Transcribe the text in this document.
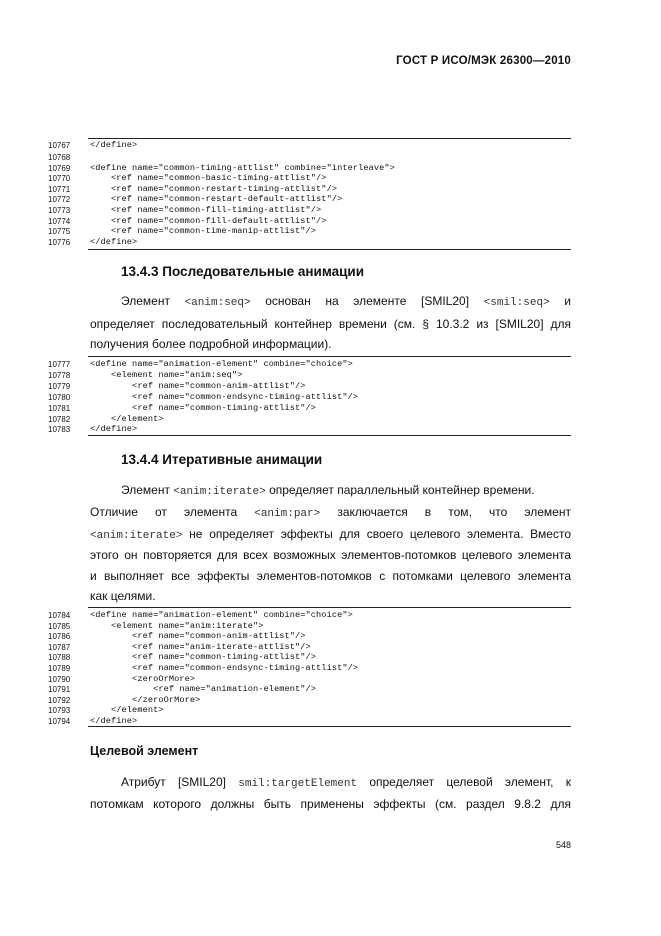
ГОСТ Р ИСО/МЭК 26300—2010
13.4.3 Последовательные анимации
Элемент <anim:seq> основан на элементе [SMIL20] <smil:seq> и
определяет последовательный контейнер времени (см. § 10.3.2 из [SMIL20] для
получения более подробной информации).
13.4.4 Итеративные анимации
Элемент <anim:iterate> определяет параллельный контейнер времени.
Отличие от элемента <anim:par> заключается в том, что элемент
<anim:iterate> не определяет эффекты для своего целевого элемента. Вместо
этого он повторяется для всех возможных элементов-потомков целевого элемента
и выполняет все эффекты элементов-потомков с потомками целевого элемента
как целями.
Целевой элемент
Атрибут [SMIL20] smil:targetElement определяет целевой элемент, к
потомкам которого должны быть применены эффекты (см. раздел 9.8.2 для
548
10767	</define>
10768
10769	<define name="common-timing-attlist" combine="interleave">
10770	<ref name="common-basic-timing-attlist"/>
10771	<ref name="common-restart-timing-attlist"/>
10772	<ref name="common-restart-default-attlist"/>
10773	<ref name="common-fill-timing-attlist"/>
10774	<ref name="common-fill-default-attlist"/>
10775	<ref name="common-time-manip-attlist"/>
10776	</define>
10777	<define name="animation-element" combine="choice">
10778	<element name="anim:seq">
10779	<ref name="common-anim-attlist"/>
10780	<ref name="common-endsync-timing-attlist"/>
10781	<ref name="common-timing-attlist"/>
10782	</element>
10783	</define>
10784	<define name="animation-element" combine="choice">
10785	<element name="anim:iterate">
10786	<ref name="common-anim-attlist"/>
10787	<ref name="anim-iterate-attlist"/>
10788	<ref name="common-timing-attlist"/>
10789	<ref name="common-endsync-timing-attlist"/>
10790	<zeroOrMore>
10791	<ref name="animation-element"/>
10792	</zeroOrMore>
10793	</element>
10794	</define>
